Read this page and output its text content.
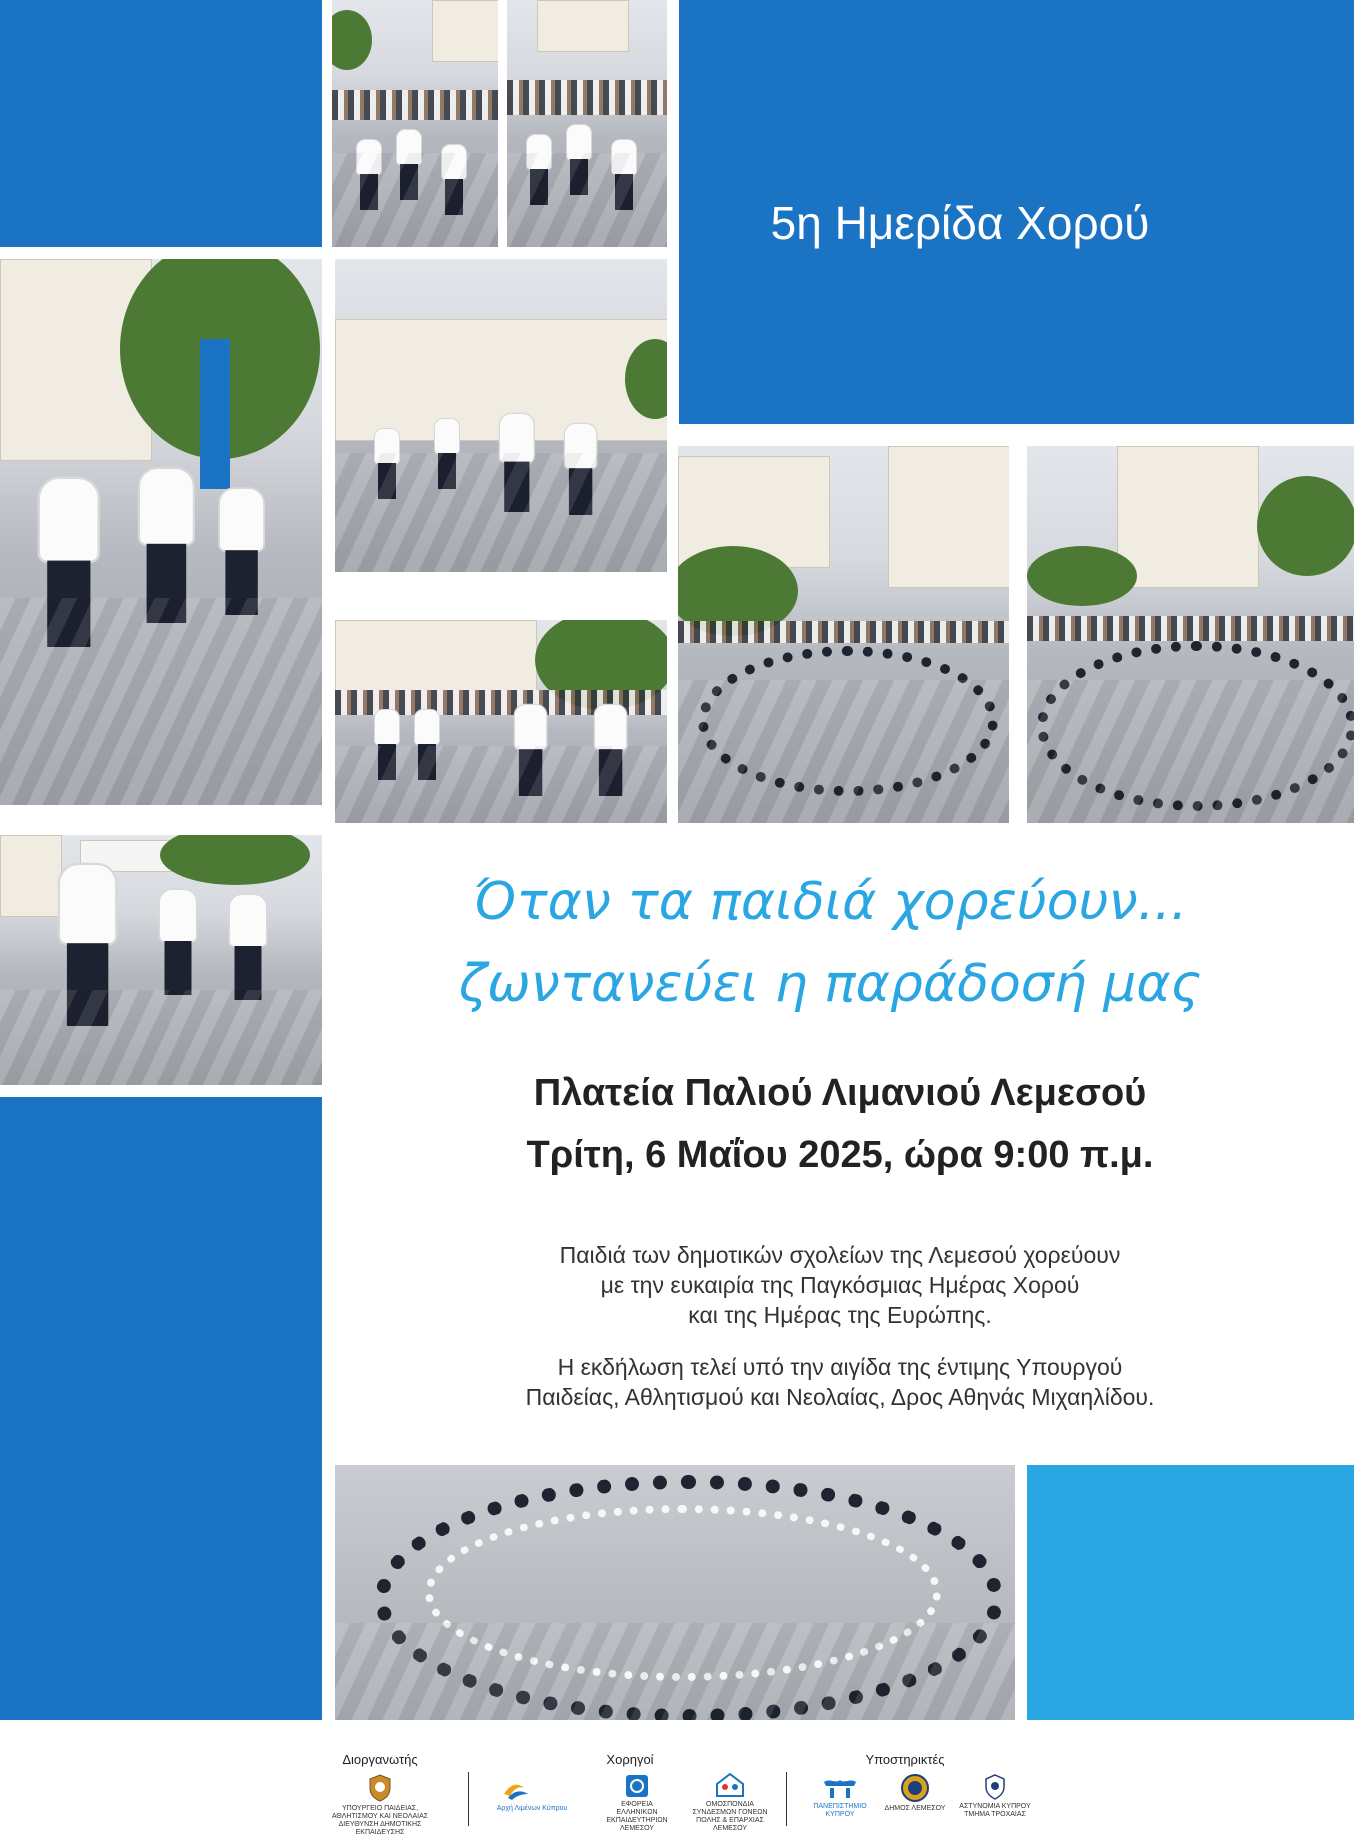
5η Ημερίδα Χορού
Όταν τα παιδιά χορεύουν...
ζωντανεύει η παράδοσή μας
Πλατεία Παλιού Λιμανιού Λεμεσού
Τρίτη, 6 Μαΐου 2025, ώρα 9:00 π.μ.
Παιδιά των δημοτικών σχολείων της Λεμεσού χορεύουν
με την ευκαιρία της Παγκόσμιας Ημέρας Χορού
και της Ημέρας της Ευρώπης.
Η εκδήλωση τελεί υπό την αιγίδα της έντιμης Υπουργού
Παιδείας, Αθλητισμού και Νεολαίας, Δρος Αθηνάς Μιχαηλίδου.
Διοργανωτής	Χορηγοί	Υποστηρικτές
ΥΠΟΥΡΓΕΙΟ ΠΑΙΔΕΙΑΣ, ΑΘΛΗΤΙΣΜΟΥ ΚΑΙ ΝΕΟΛΑΙΑΣ ΔΙΕΥΘΥΝΣΗ ΔΗΜΟΤΙΚΗΣ ΕΚΠΑΙΔΕΥΣΗΣ
Αρχή Λιμένων Κύπρου
ΕΦΟΡΕΙΑ ΕΛΛΗΝΙΚΩΝ ΕΚΠΑΙΔΕΥΤΗΡΙΩΝ ΛΕΜΕΣΟΥ
ΟΜΟΣΠΟΝΔΙΑ ΣΥΝΔΕΣΜΩΝ ΓΟΝΕΩΝ ΠΟΛΗΣ & ΕΠΑΡΧΙΑΣ ΛΕΜΕΣΟΥ
ΠΑΝΕΠΙΣΤΗΜΙΟ ΚΥΠΡΟΥ
ΔΗΜΟΣ ΛΕΜΕΣΟΥ	ΑΣΤΥΝΟΜΙΑ ΚΥΠΡΟΥ ΤΜΗΜΑ ΤΡΟΧΑΙΑΣ
